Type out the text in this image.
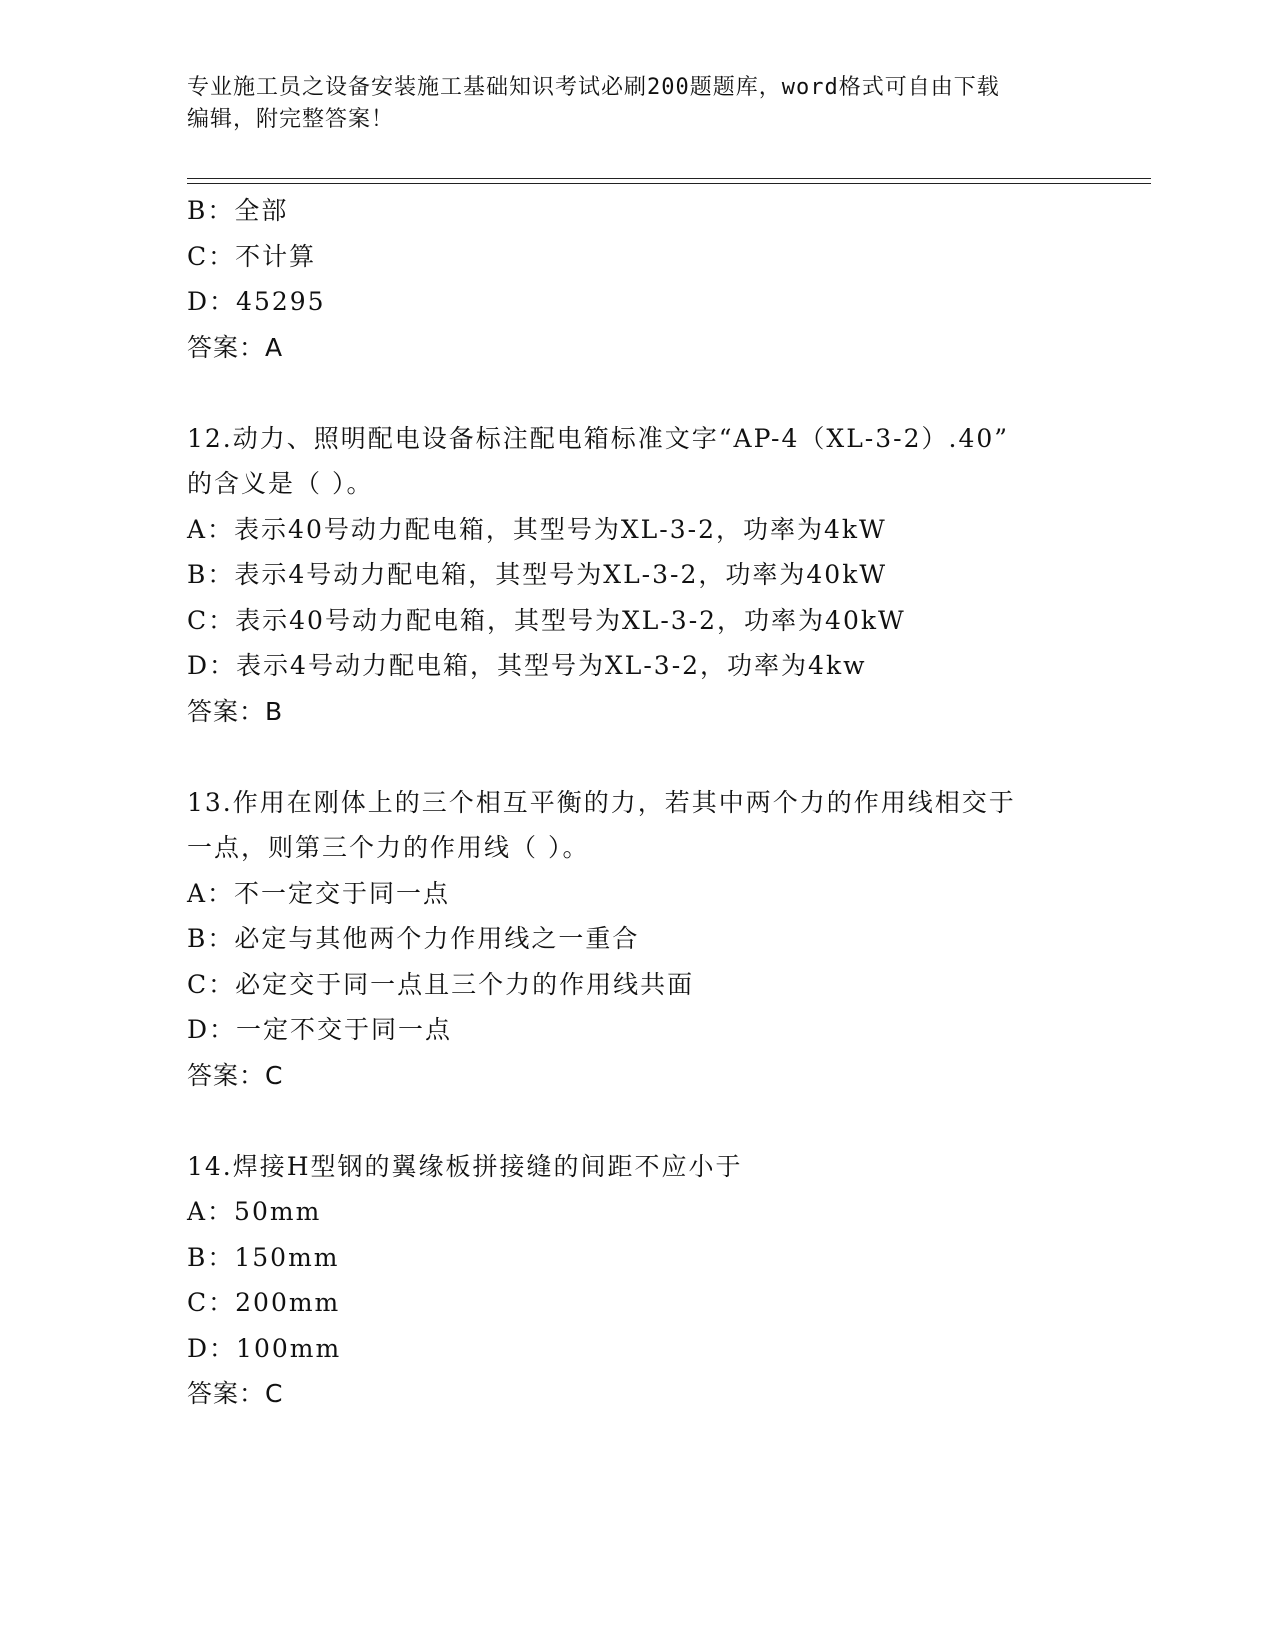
专业施工员之设备安装施工基础知识考试必刷200题题库，word格式可自由下载
编辑，附完整答案！
B：全部
C：不计算
D：45295
答案：A
12.动力、照明配电设备标注配电箱标准文字“AP-4（XL-3-2）.40”
的含义是（ ）。
A：表示40号动力配电箱，其型号为XL-3-2，功率为4kW
B：表示4号动力配电箱，其型号为XL-3-2，功率为40kW
C：表示40号动力配电箱，其型号为XL-3-2，功率为40kW
D：表示4号动力配电箱，其型号为XL-3-2，功率为4kw
答案：B
13.作用在刚体上的三个相互平衡的力，若其中两个力的作用线相交于
一点，则第三个力的作用线（ ）。
A：不一定交于同一点
B：必定与其他两个力作用线之一重合
C：必定交于同一点且三个力的作用线共面
D：一定不交于同一点
答案：C
14.焊接H型钢的翼缘板拼接缝的间距不应小于
A：50mm
B：150mm
C：200mm
D：100mm
答案：C
